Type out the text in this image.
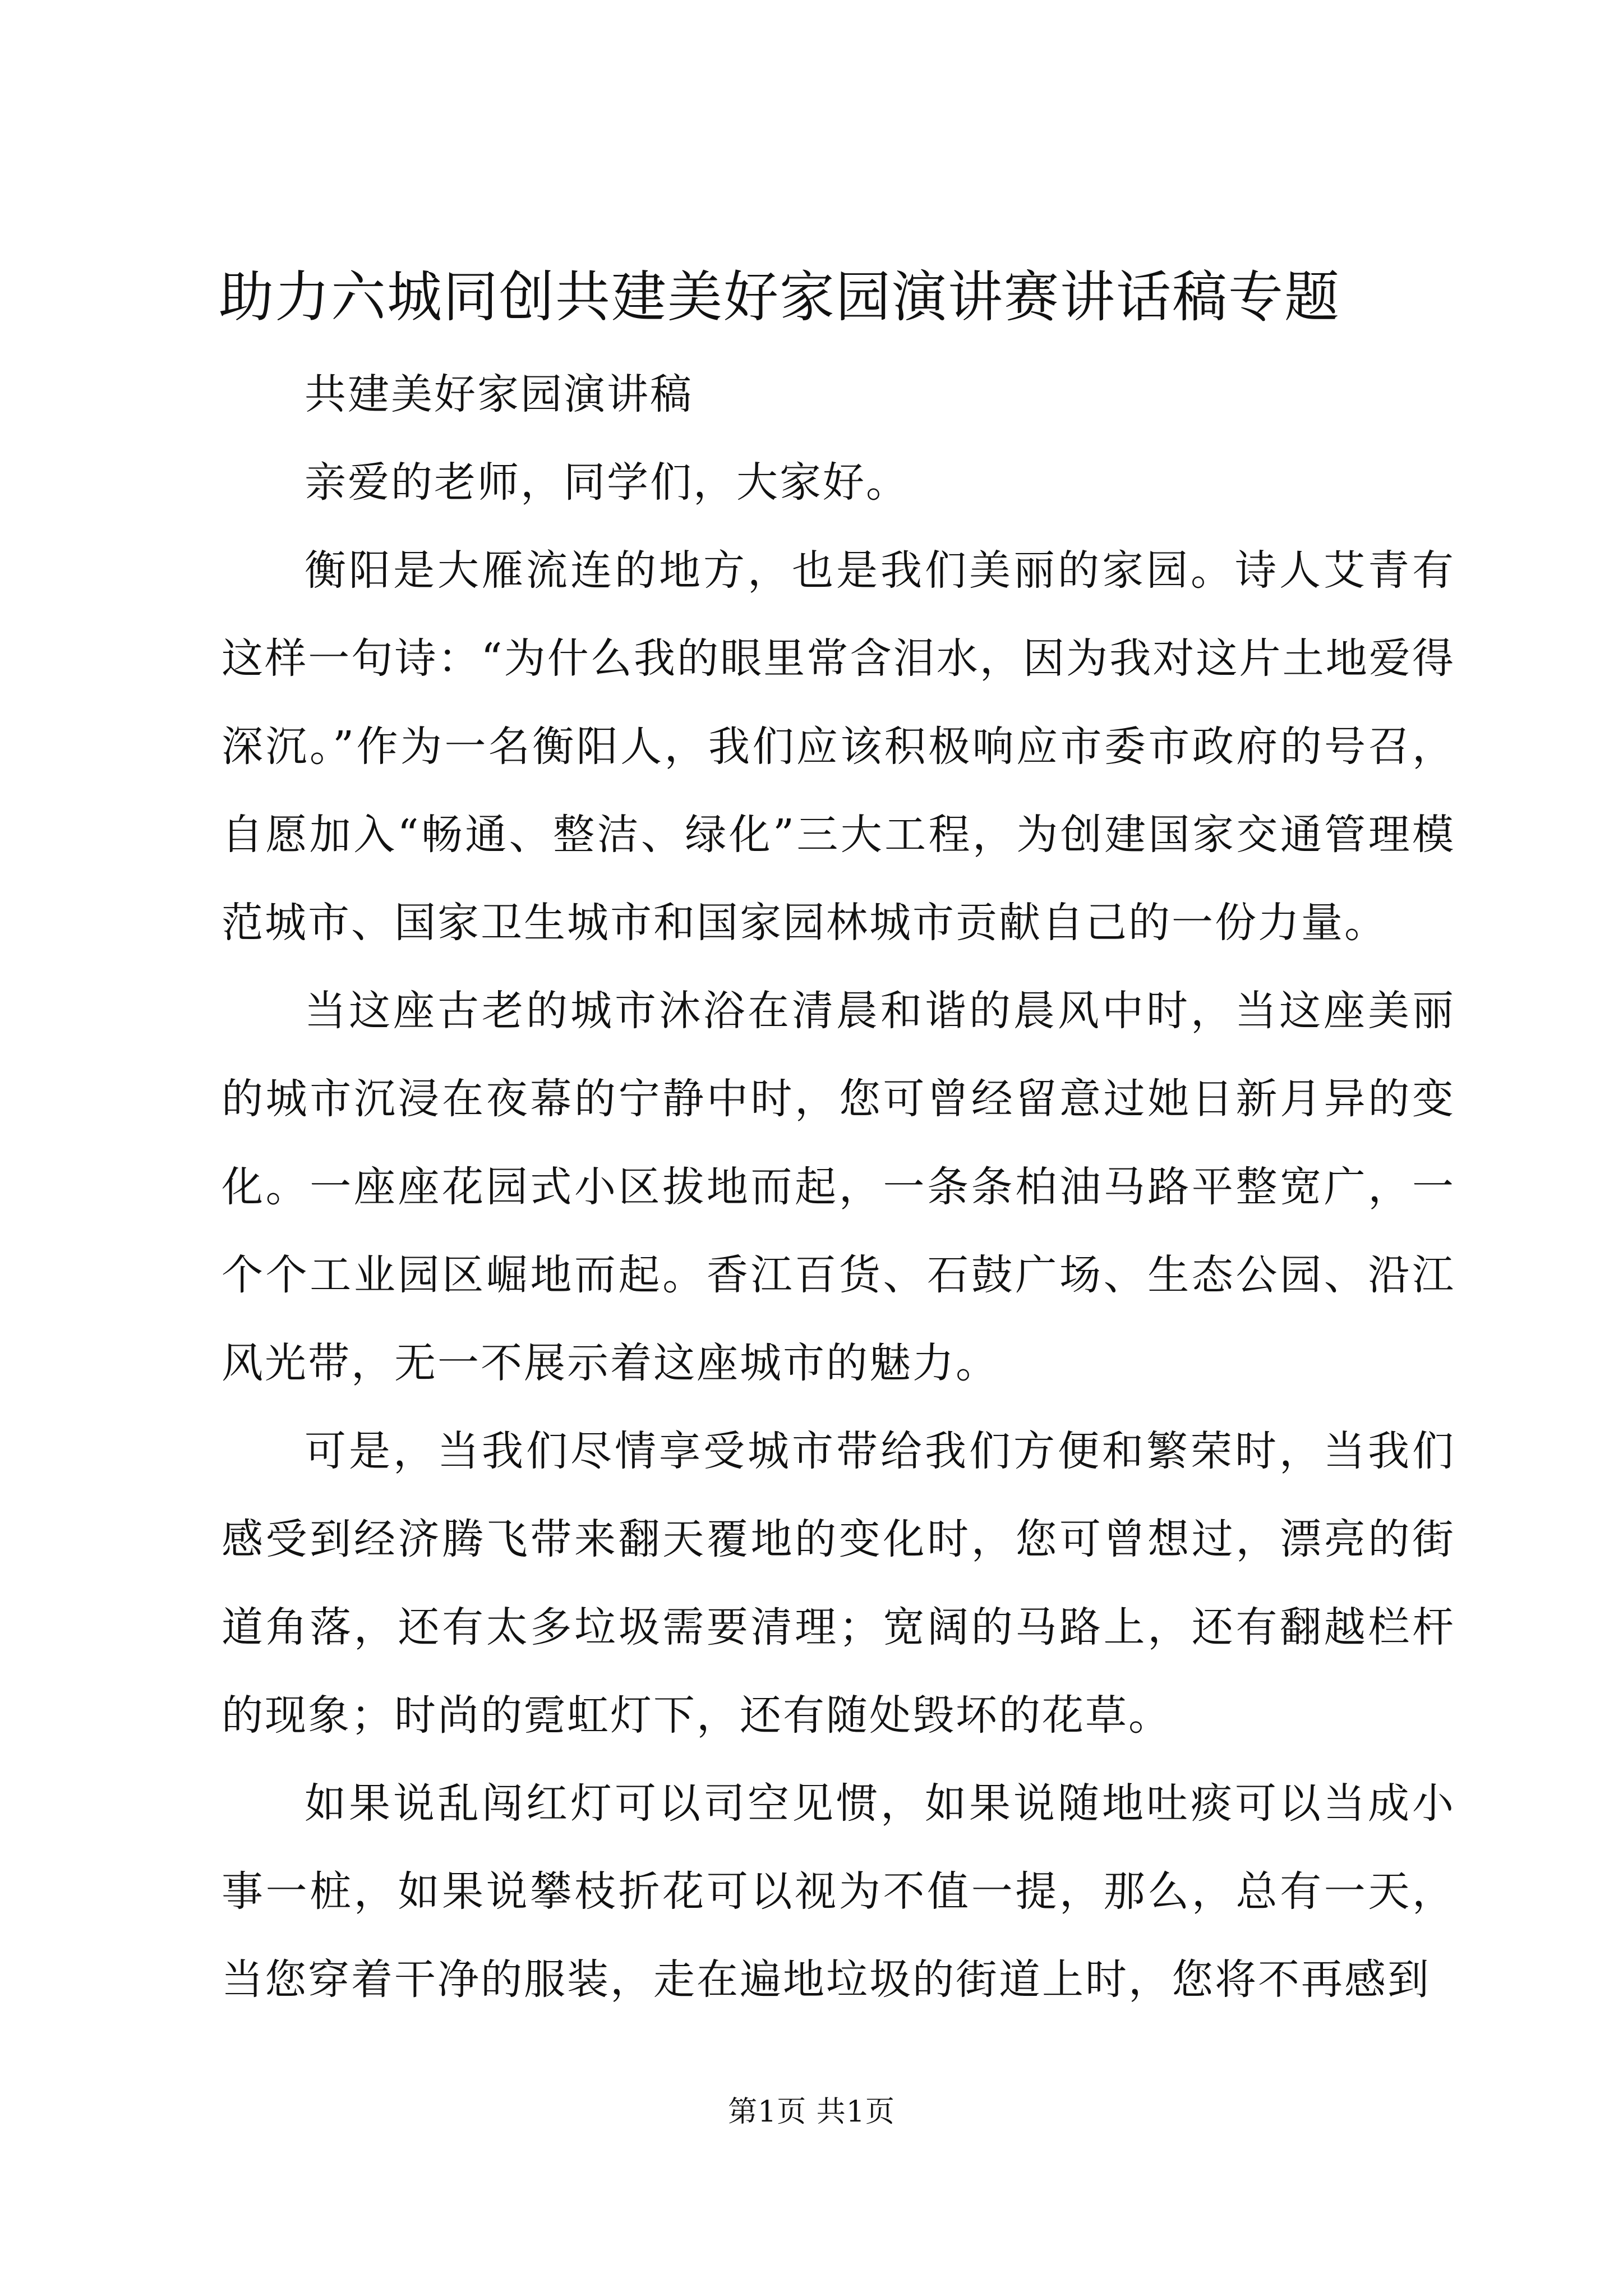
助力六城同创共建美好家园演讲赛讲话稿专题

共建美好家园演讲稿

亲爱的老师，同学们，大家好。

衡阳是大雁流连的地方，也是我们美丽的家园。诗人艾青有这样一句诗：“为什么我的眼里常含泪水，因为我对这片土地爱得深沉。”作为一名衡阳人，我们应该积极响应市委市政府的号召，自愿加入“畅通、整洁、绿化”三大工程，为创建国家交通管理模范城市、国家卫生城市和国家园林城市贡献自己的一份力量。

当这座古老的城市沐浴在清晨和谐的晨风中时，当这座美丽的城市沉浸在夜幕的宁静中时，您可曾经留意过她日新月异的变化。一座座花园式小区拔地而起，一条条柏油马路平整宽广，一个个工业园区崛地而起。香江百货、石鼓广场、生态公园、沿江风光带，无一不展示着这座城市的魅力。

可是，当我们尽情享受城市带给我们方便和繁荣时，当我们感受到经济腾飞带来翻天覆地的变化时，您可曾想过，漂亮的街道角落，还有太多垃圾需要清理；宽阔的马路上，还有翻越栏杆的现象；时尚的霓虹灯下，还有随处毁坏的花草。

如果说乱闯红灯可以司空见惯，如果说随地吐痰可以当成小事一桩，如果说攀枝折花可以视为不值一提，那么，总有一天，当您穿着干净的服装，走在遍地垃圾的街道上时，您将不再感到

第1页 共1页
